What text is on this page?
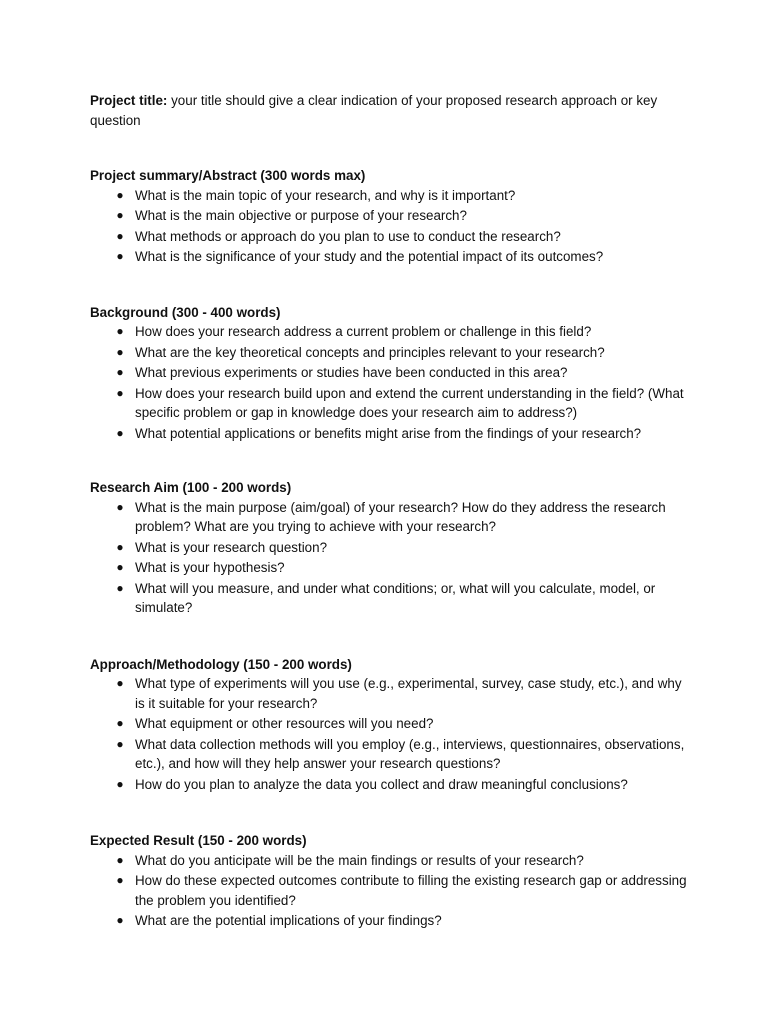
Project title: your title should give a clear indication of your proposed research approach or key question

Project summary/Abstract (300 words max)

● What is the main topic of your research, and why is it important?
● What is the main objective or purpose of your research?
● What methods or approach do you plan to use to conduct the research?
● What is the significance of your study and the potential impact of its outcomes?

Background (300 - 400 words)

● How does your research address a current problem or challenge in this field?
● What are the key theoretical concepts and principles relevant to your research?
● What previous experiments or studies have been conducted in this area?
● How does your research build upon and extend the current understanding in the field? (What specific problem or gap in knowledge does your research aim to address?)
● What potential applications or benefits might arise from the findings of your research?

Research Aim (100 - 200 words)

● What is the main purpose (aim/goal) of your research? How do they address the research problem? What are you trying to achieve with your research?
● What is your research question?
● What is your hypothesis?
● What will you measure, and under what conditions; or, what will you calculate, model, or simulate?

Approach/Methodology (150 - 200 words)

● What type of experiments will you use (e.g., experimental, survey, case study, etc.), and why is it suitable for your research?
● What equipment or other resources will you need?
● What data collection methods will you employ (e.g., interviews, questionnaires, observations, etc.), and how will they help answer your research questions?
● How do you plan to analyze the data you collect and draw meaningful conclusions?

Expected Result (150 - 200 words)

● What do you anticipate will be the main findings or results of your research?
● How do these expected outcomes contribute to filling the existing research gap or addressing the problem you identified?
● What are the potential implications of your findings?
